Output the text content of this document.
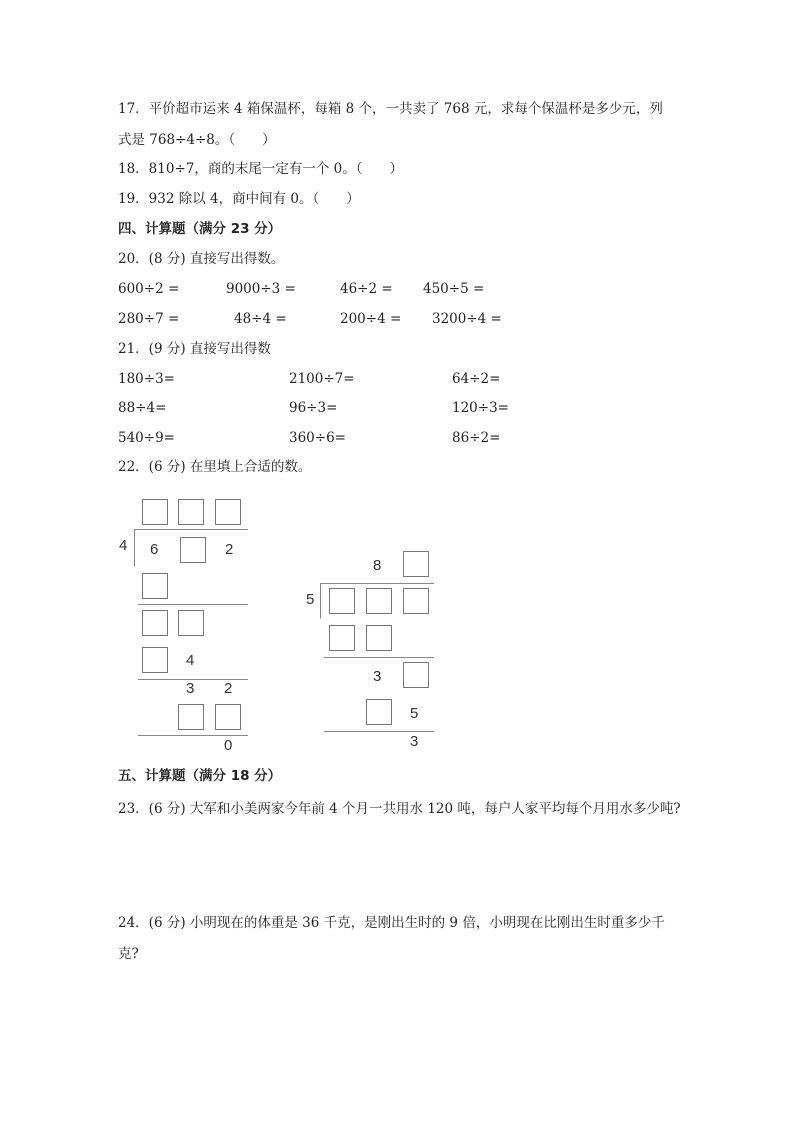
17．平价超市运来 4 箱保温杯，每箱 8 个，一共卖了 768 元，求每个保温杯是多少元，列
式是 768÷4÷8。（　　）
18．810÷7，商的末尾一定有一个 0。（　　）
19．932 除以 4，商中间有 0。（　　）
四、计算题（满分 23 分）
20．(8 分) 直接写出得数。
600÷2 =	9000÷3 =	46÷2 = 450÷5 =
280÷7 =	48÷4 =	200÷4 = 3200÷4 =
21．(9 分) 直接写出得数
180÷3=	2100÷7=	64÷2=
88÷4=	96÷3=	120÷3=
540÷9=	360÷6=	86÷2=
22．(6 分) 在里填上合适的数。
4 6	2
4
3 2
0
8
5
3
5
3
五、计算题（满分 18 分）
23．(6 分) 大军和小美两家今年前 4 个月一共用水 120 吨，每户人家平均每个月用水多少吨?
24．(6 分) 小明现在的体重是 36 千克，是刚出生时的 9 倍，小明现在比刚出生时重多少千
克?
